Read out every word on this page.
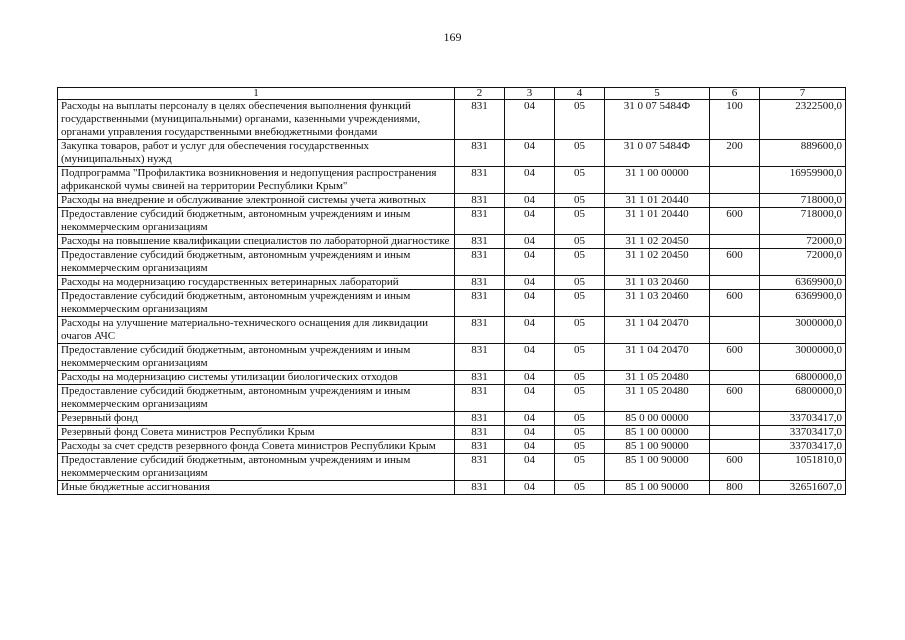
169
1	2	3	4	5	6	7
Расходы на выплаты персоналу в целях обеспечения выполнения функций государственными (муниципальными) органами, казенными учреждениями, органами управления государственными внебюджетными фондами	831	04	05	31 0 07 5484Ф	100	2322500,0
Закупка товаров, работ и услуг для обеспечения государственных (муниципальных) нужд	831	04	05	31 0 07 5484Ф	200	889600,0
Подпрограмма "Профилактика возникновения и недопущения распространения африканской чумы свиней на территории Республики Крым"	831	04	05	31 1 00 00000		16959900,0
Расходы на внедрение и обслуживание электронной системы учета животных	831	04	05	31 1 01 20440		718000,0
Предоставление субсидий бюджетным, автономным учреждениям и иным некоммерческим организациям	831	04	05	31 1 01 20440	600	718000,0
Расходы на повышение квалификации специалистов по лабораторной диагностике	831	04	05	31 1 02 20450		72000,0
Предоставление субсидий бюджетным, автономным учреждениям и иным некоммерческим организациям	831	04	05	31 1 02 20450	600	72000,0
Расходы на модернизацию государственных ветеринарных лабораторий	831	04	05	31 1 03 20460		6369900,0
Предоставление субсидий бюджетным, автономным учреждениям и иным некоммерческим организациям	831	04	05	31 1 03 20460	600	6369900,0
Расходы на улучшение материально-технического оснащения для ликвидации очагов АЧС	831	04	05	31 1 04 20470		3000000,0
Предоставление субсидий бюджетным, автономным учреждениям и иным некоммерческим организациям	831	04	05	31 1 04 20470	600	3000000,0
Расходы на модернизацию системы утилизации биологических отходов	831	04	05	31 1 05 20480		6800000,0
Предоставление субсидий бюджетным, автономным учреждениям и иным некоммерческим организациям	831	04	05	31 1 05 20480	600	6800000,0
Резервный фонд	831	04	05	85 0 00 00000		33703417,0
Резервный фонд Совета министров Республики Крым	831	04	05	85 1 00 00000		33703417,0
Расходы за счет средств резервного фонда Совета министров Республики Крым	831	04	05	85 1 00 90000		33703417,0
Предоставление субсидий бюджетным, автономным учреждениям и иным некоммерческим организациям	831	04	05	85 1 00 90000	600	1051810,0
Иные бюджетные ассигнования	831	04	05	85 1 00 90000	800	32651607,0
